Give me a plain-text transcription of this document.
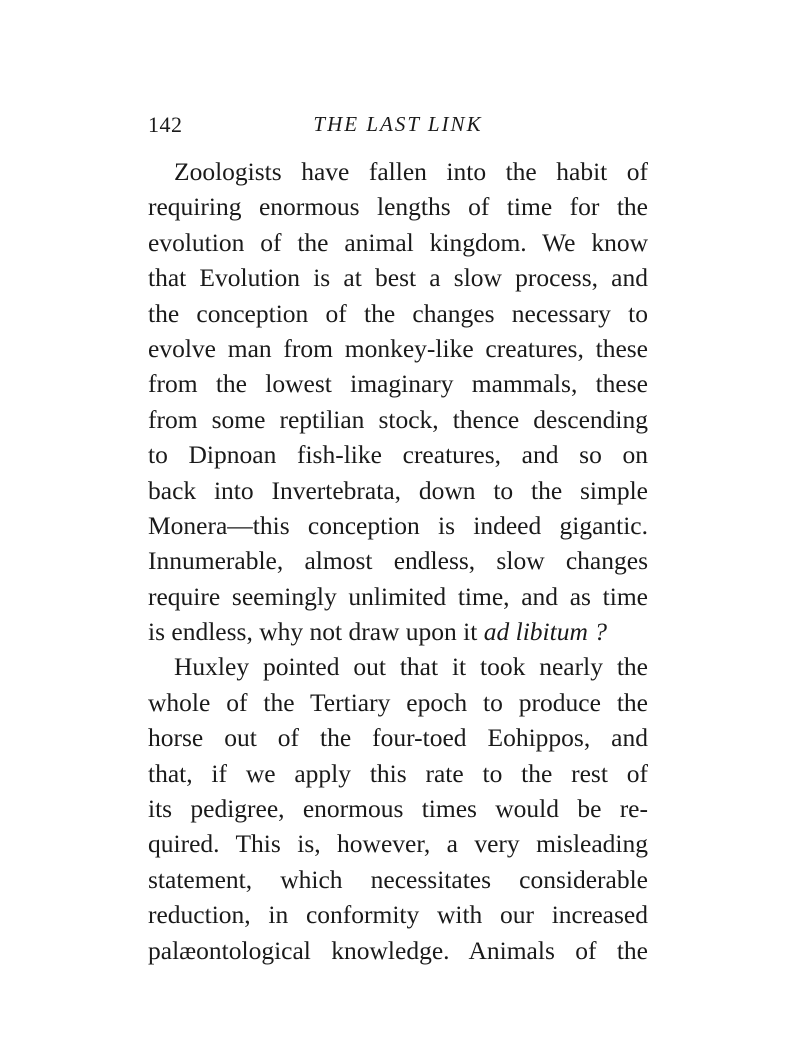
142	THE LAST LINK
Zoologists have fallen into the habit of
requiring enormous lengths of time for the
evolution of the animal kingdom. We know
that Evolution is at best a slow process, and
the conception of the changes necessary to
evolve man from monkey-like creatures, these
from the lowest imaginary mammals, these
from some reptilian stock, thence descending
to Dipnoan fish-like creatures, and so on
back into Invertebrata, down to the simple
Monera—this conception is indeed gigantic.
Innumerable, almost endless, slow changes
require seemingly unlimited time, and as time
is endless, why not draw upon it ad libitum ?
Huxley pointed out that it took nearly the
whole of the Tertiary epoch to produce the
horse out of the four-toed Eohippos, and
that, if we apply this rate to the rest of
its pedigree, enormous times would be re-
quired. This is, however, a very misleading
statement, which necessitates considerable
reduction, in conformity with our increased
palæontological knowledge. Animals of the
